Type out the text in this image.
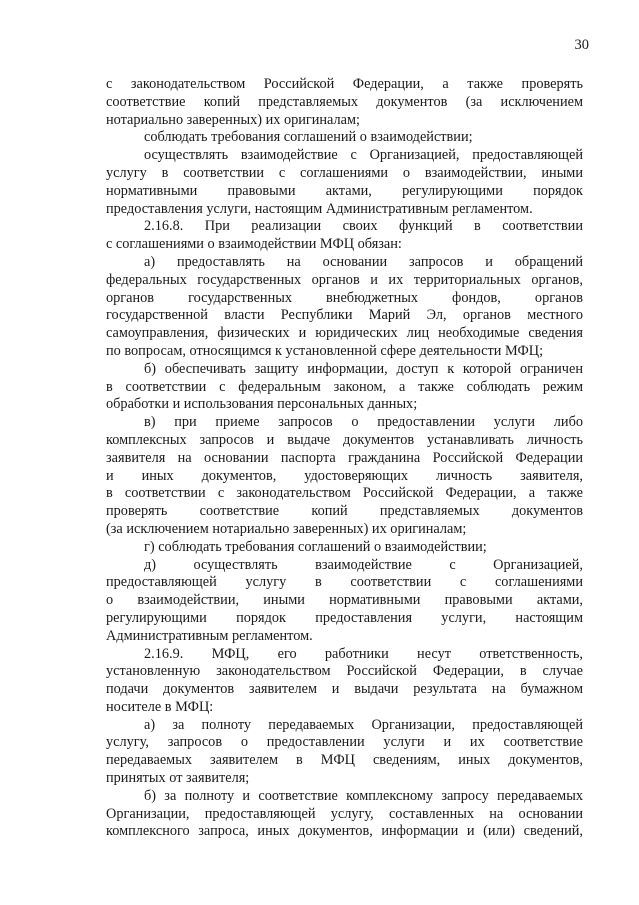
30
с законодательством Российской Федерации, а также проверять
соответствие копий представляемых документов (за исключением
нотариально заверенных) их оригиналам;
соблюдать требования соглашений о взаимодействии;
осуществлять взаимодействие с Организацией, предоставляющей
услугу в соответствии с соглашениями о взаимодействии, иными
нормативными правовыми актами, регулирующими порядок
предоставления услуги, настоящим Административным регламентом.
2.16.8. При реализации своих функций в соответствии
с соглашениями о взаимодействии МФЦ обязан:
а) предоставлять на основании запросов и обращений
федеральных государственных органов и их территориальных органов,
органов государственных внебюджетных фондов, органов
государственной власти Республики Марий Эл, органов местного
самоуправления, физических и юридических лиц необходимые сведения
по вопросам, относящимся к установленной сфере деятельности МФЦ;
б) обеспечивать защиту информации, доступ к которой ограничен
в соответствии с федеральным законом, а также соблюдать режим
обработки и использования персональных данных;
в) при приеме запросов о предоставлении услуги либо
комплексных запросов и выдаче документов устанавливать личность
заявителя на основании паспорта гражданина Российской Федерации
и иных документов, удостоверяющих личность заявителя,
в соответствии с законодательством Российской Федерации, а также
проверять соответствие копий представляемых документов
(за исключением нотариально заверенных) их оригиналам;
г) соблюдать требования соглашений о взаимодействии;
д) осуществлять взаимодействие с Организацией,
предоставляющей услугу в соответствии с соглашениями
о взаимодействии, иными нормативными правовыми актами,
регулирующими порядок предоставления услуги, настоящим
Административным регламентом.
2.16.9. МФЦ, его работники несут ответственность,
установленную законодательством Российской Федерации, в случае
подачи документов заявителем и выдачи результата на бумажном
носителе в МФЦ:
а) за полноту передаваемых Организации, предоставляющей
услугу, запросов о предоставлении услуги и их соответствие
передаваемых заявителем в МФЦ сведениям, иных документов,
принятых от заявителя;
б) за полноту и соответствие комплексному запросу передаваемых
Организации, предоставляющей услугу, составленных на основании
комплексного запроса, иных документов, информации и (или) сведений,
